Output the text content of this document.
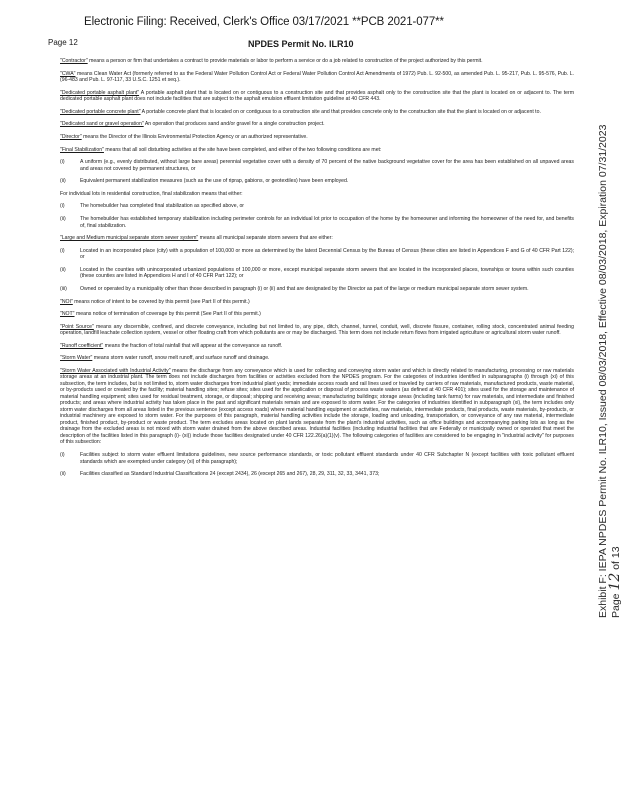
Electronic Filing: Received, Clerk's Office 03/17/2021 **PCB 2021-077**
Page 12	NPDES Permit No. ILR10

"Contractor" means a person or firm that undertakes a contract to provide materials or labor to perform a service or do a job related to construction of the project authorized by this permit.

"CWA" means Clean Water Act (formerly referred to as the Federal Water Pollution Control Act or Federal Water Pollution Control Act Amendments of 1972) Pub. L. 92-500, as amended Pub. L. 95-217, Pub. L. 95-576, Pub. L. (96-483 and Pub. L. 97-117, 33 U.S.C. 1251 et seq.).

"Dedicated portable asphalt plant" A portable asphalt plant that is located on or contiguous to a construction site and that provides asphalt only to the construction site that the plant is located on or adjacent to. The term dedicated portable asphalt plant does not include facilities that are subject to the asphalt emulsion effluent limitation guideline at 40 CFR 443.

"Dedicated portable concrete plant" A portable concrete plant that is located on or contiguous to a construction site and that provides concrete only to the construction site that the plant is located on or adjacent to.

"Dedicated sand or gravel operation" An operation that produces sand and/or gravel for a single construction project.

"Director" means the Director of the Illinois Environmental Protection Agency or an authorized representative.

"Final Stabilization" means that all soil disturbing activities at the site have been completed, and either of the two following conditions are met:

(i)	A uniform (e.g., evenly distributed, without large bare areas) perennial vegetative cover with a density of 70 percent of the native background vegetative cover for the area has been established on all unpaved areas and areas not covered by permanent structures, or
(ii)	Equivalent permanent stabilization measures (such as the use of riprap, gabions, or geotextiles) have been employed.

For individual lots in residential construction, final stabilization means that either:

(i)	The homebuilder has completed final stabilization as specified above, or
(ii)	The homebuilder has established temporary stabilization including perimeter controls for an individual lot prior to occupation of the home by the homeowner and informing the homeowner of the need for, and benefits of, final stabilization.

"Large and Medium municipal separate storm sewer system" means all municipal separate storm sewers that are either:

(i)	Located in an incorporated place (city) with a population of 100,000 or more as determined by the latest Decennial Census by the Bureau of Census (these cities are listed in Appendices F and G of 40 CFR Part 122); or
(ii)	Located in the counties with unincorporated urbanized populations of 100,000 or more, except municipal separate storm sewers that are located in the incorporated places, townships or towns within such counties (these counties are listed in Appendices H and I of 40 CFR Part 122); or
(iii)	Owned or operated by a municipality other than those described in paragraph (i) or (ii) and that are designated by the Director as part of the large or medium municipal separate storm sewer system.

"NOI" means notice of intent to be covered by this permit (see Part II of this permit.)

"NOT" means notice of termination of coverage by this permit (See Part II of this permit.)

"Point Source" means any discernible, confined, and discrete conveyance, including but not limited to, any pipe, ditch, channel, tunnel, conduit, well, discrete fissure, container, rolling stock, concentrated animal feeding operation, landfill leachate collection system, vessel or other floating craft from which pollutants are or may be discharged. This term does not include return flows from irrigated agriculture or agricultural storm water runoff.

"Runoff coefficient" means the fraction of total rainfall that will appear at the conveyance as runoff.

"Storm Water" means storm water runoff, snow melt runoff, and surface runoff and drainage.

"Storm Water Associated with Industrial Activity" means the discharge from any conveyance which is used for collecting and conveying storm water and which is directly related to manufacturing, processing or raw materials storage areas at an industrial plant. The term does not include discharges from facilities or activities excluded from the NPDES program. For the categories of industries identified in subparagraphs (i) through (xi) of this subsection, the term includes, but is not limited to, storm water discharges from industrial plant yards; immediate access roads and rail lines used or traveled by carriers of raw materials, manufactured products, waste material, or by-products used or created by the facility; material handling sites; refuse sites; sites used for the application or disposal of process waste waters (as defined at 40 CFR 401); sites used for the storage and maintenance of material handling equipment; sites used for residual treatment, storage, or disposal; shipping and receiving areas; manufacturing buildings; storage areas (including tank farms) for raw materials, and intermediate and finished products; and areas where industrial activity has taken place in the past and significant materials remain and are exposed to storm water. For the categories of industries identified in subparagraph (xi), the term includes only storm water discharges from all areas listed in the previous sentence (except access roads) where material handling equipment or activities, raw materials, intermediate products, final products, waste materials, by-products, or industrial machinery are exposed to storm water. For the purposes of this paragraph, material handling activities include the storage, loading and unloading, transportation, or conveyance of any raw material, intermediate product, finished product, by-product or waste product. The term excludes areas located on plant lands separate from the plant's industrial activities, such as office buildings and accompanying parking lots as long as the drainage from the excluded areas is not mixed with storm water drained from the above described areas. Industrial facilities (including industrial facilities that are Federally or municipally owned or operated that meet the description of the facilities listed in this paragraph (i)- (xi)) include those facilities designated under 40 CFR 122.26(a)(1)(v). The following categories of facilities are considered to be engaging in "industrial activity" for purposes of this subsection:

(i)	Facilities subject to storm water effluent limitations guidelines, new source performance standards, or toxic pollutant effluent standards under 40 CFR Subchapter N (except facilities with toxic pollutant effluent standards which are exempted under category (xi) of this paragraph);
(ii)	Facilities classified as Standard Industrial Classifications 24 (except 2434), 26 (except 265 and 267), 28, 29, 311, 32, 33, 3441, 373;	Exhibit F: IEPA NPDES Permit No. ILR10, Issued 08/03/2018, Effective 08/03/2018, Expiration 07/31/2023 Page 12 of 13
